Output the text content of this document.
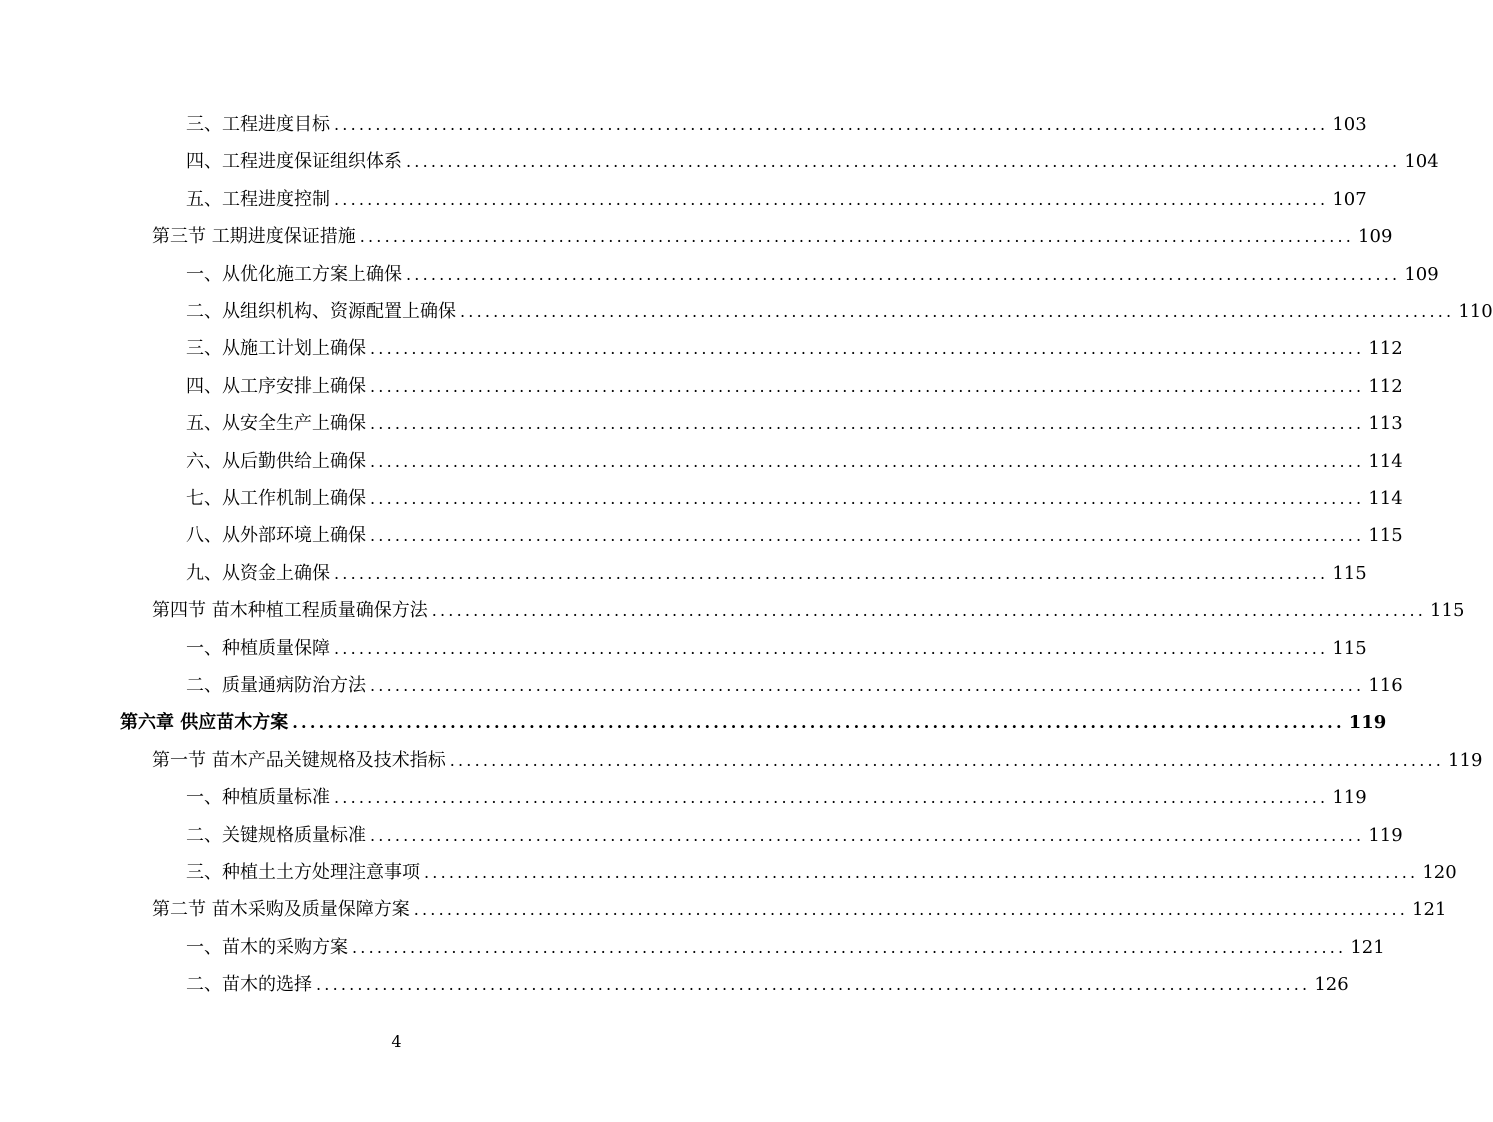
三、工程进度目标 ........................................................................................................................ 103
四、工程进度保证组织体系 ........................................................................................................................ 104
五、工程进度控制 ........................................................................................................................ 107
第三节 工期进度保证措施 ........................................................................................................................ 109
一、从优化施工方案上确保 ........................................................................................................................ 109
二、从组织机构、资源配置上确保 ........................................................................................................................ 110
三、从施工计划上确保 ........................................................................................................................ 112
四、从工序安排上确保 ........................................................................................................................ 112
五、从安全生产上确保 ........................................................................................................................ 113
六、从后勤供给上确保 ........................................................................................................................ 114
七、从工作机制上确保 ........................................................................................................................ 114
八、从外部环境上确保 ........................................................................................................................ 115
九、从资金上确保 ........................................................................................................................ 115
第四节 苗木种植工程质量确保方法 ........................................................................................................................ 115
一、种植质量保障 ........................................................................................................................ 115
二、质量通病防治方法 ........................................................................................................................ 116
第六章 供应苗木方案 ........................................................................................................................ 119
第一节 苗木产品关键规格及技术指标 ........................................................................................................................ 119
一、种植质量标准 ........................................................................................................................ 119
二、关键规格质量标准 ........................................................................................................................ 119
三、种植土土方处理注意事项 ........................................................................................................................ 120
第二节 苗木采购及质量保障方案 ........................................................................................................................ 121
一、苗木的采购方案 ........................................................................................................................ 121
二、苗木的选择 ........................................................................................................................ 126
4
